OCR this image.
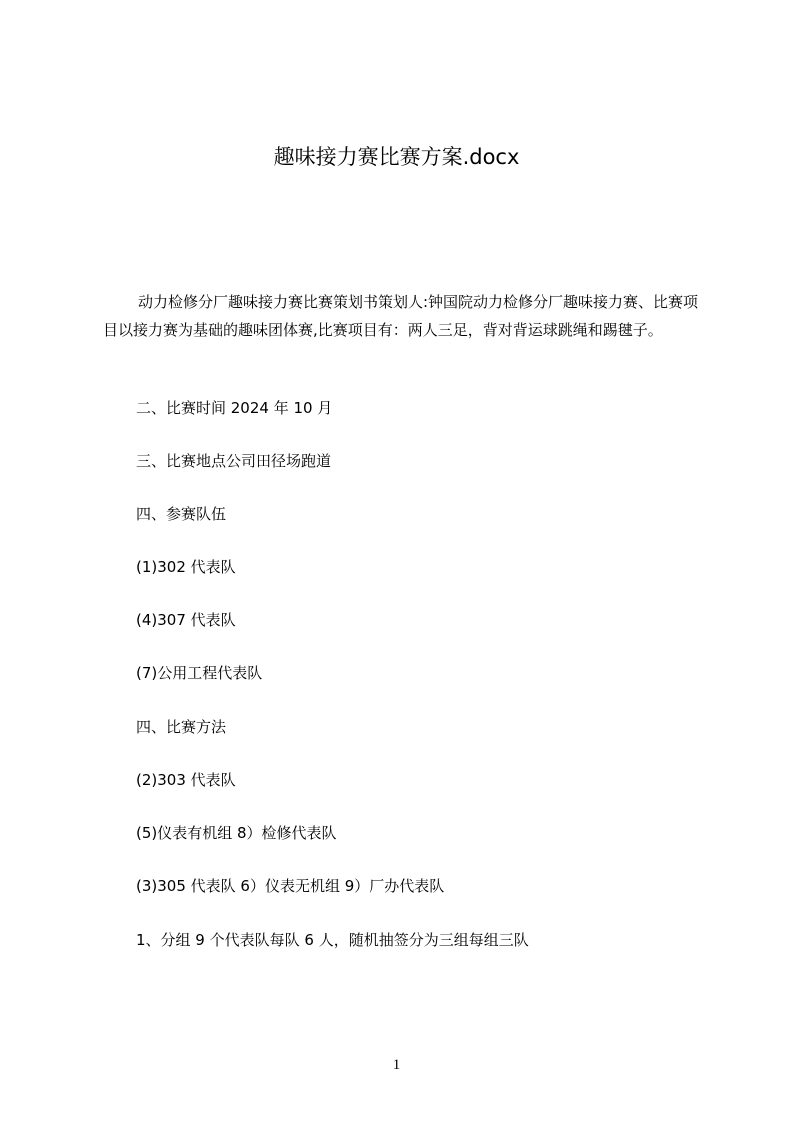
趣味接力赛比赛方案.docx

动力检修分厂趣味接力赛比赛策划书策划人:钟国院动力检修分厂趣味接力赛、比赛项目以接力赛为基础的趣味团体赛,比赛项目有：两人三足，背对背运球跳绳和踢毽子。

二、比赛时间 2024 年 10 月

三、比赛地点公司田径场跑道

四、参赛队伍

(1)302 代表队

(4)307 代表队

(7)公用工程代表队

四、比赛方法

(2)303 代表队

(5)仪表有机组 8）检修代表队

(3)305 代表队 6）仪表无机组 9）厂办代表队

1、分组 9 个代表队每队 6 人，随机抽签分为三组每组三队

1
